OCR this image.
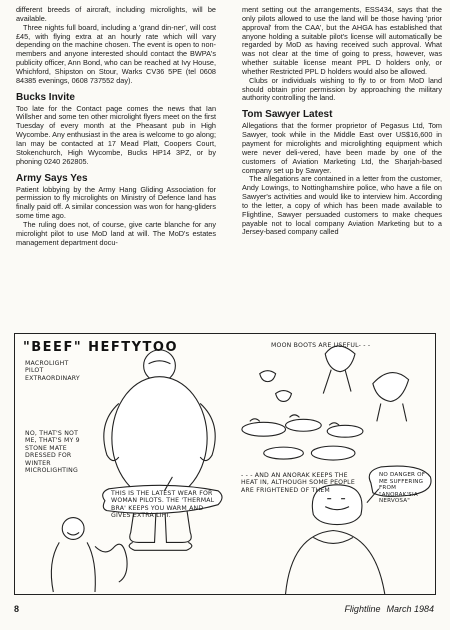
different breeds of aircraft, including microlights, will be available.

Three nights full board, including a 'grand din-ner', will cost £45, with flying extra at an hourly rate which will vary depending on the machine chosen. The event is open to non-members and anyone interested should contact the BWPA's publicity officer, Ann Bond, who can be reached at Ivy House, Whichford, Shipston on Stour, Warks CV36 5PE (tel 0608 84385 evenings, 0608 737552 day).

Bucks Invite

Too late for the Contact page comes the news that Ian Willsher and some ten other microlight flyers meet on the first Tuesday of every month at the Pheasant pub in High Wycombe. Any enthusiast in the area is welcome to go along; Ian may be contacted at 17 Mead Platt, Coopers Court, Stokenchurch, High Wycombe, Bucks HP14 3PZ, or by phoning 0240 262805.

Army Says Yes

Patient lobbying by the Army Hang Gliding Association for permission to fly microlights on Ministry of Defence land has finally paid off. A similar concession was won for hang-gliders some time ago.

The ruling does not, of course, give carte blanche for any microlight pilot to use MoD land at will. The MoD's estates management department docu-

ment setting out the arrangements, ESS434, says that the only pilots allowed to use the land will be those having 'prior approval' from the CAA', but the AHGA has established that anyone holding a suitable pilot's license will automatically be regarded by MoD as having received such approval. What was not clear at the time of going to press, however, was whether suitable license meant PPL D holders only, or whether Restricted PPL D holders would also be allowed.

Clubs or individuals wishing to fly to or from MoD land should obtain prior permission by approaching the military authority controlling the land.

Tom Sawyer Latest

Allegations that the former proprietor of Pegasus Ltd, Tom Sawyer, took while in the Middle East over US$16,600 in payment for microlights and microlighting equipment which were never deli-vered, have been made by one of the customers of Aviation Marketing Ltd, the Sharjah-based company set up by Sawyer.

The allegations are contained in a letter from the customer, Andy Lowings, to Nottinghamshire police, who have a file on Sawyer's activities and would like to interview him. According to the letter, a copy of which has been made available to Flightline, Sawyer persuaded customers to make cheques payable not to local company Aviation Marketing but to a Jersey-based company called

"BEEF" HEFTYTOO
MACROLIGHT PILOT EXTRAORDINARY
MOON BOOTS ARE USEFUL- - -
NO, THAT'S NOT ME, THAT'S MY 9 STONE MATE DRESSED FOR WINTER MICROLIGHTING
THIS IS THE LATEST WEAR FOR WOMAN PILOTS. THE 'THERMAL BRA' KEEPS YOU WARM AND GIVES EXTRA LIFT.
- - - AND AN ANORAK KEEPS THE HEAT IN, ALTHOUGH SOME PEOPLE ARE FRIGHTENED OF THEM
NO DANGER OF ME SUFFERING FROM "ANORAK'SIA NERVOSA"
8	Flightline March 1984
